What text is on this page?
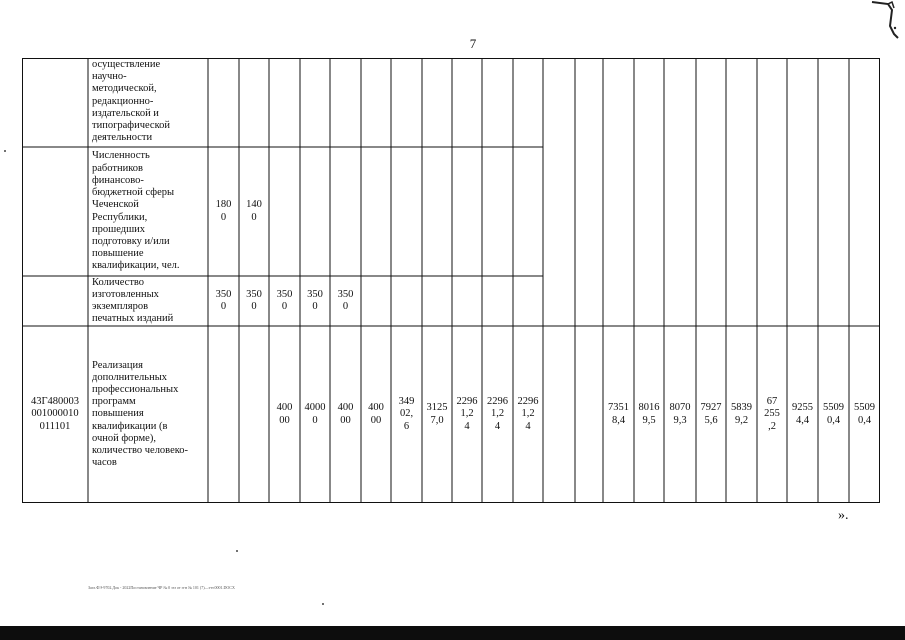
7
осуществление
научно-
методической,
редакционно-
издательской и
типографической
деятельности
Численность
работников
финансово-
бюджетной сферы
Чеченской
Республики,
прошедших
подготовку и/или
повышение
квалификации, чел.
180
0
140
0
Количество
изготовленных
экземпляров
печатных изданий
350
0
350
0
350
0
350
0
350
0
43Г480003
001000010
011101
Реализация
дополнительных
профессиональных
программ
повышения
квалификации (в
очной форме),
количество человеко-
часов
400
00
4000
0
400
00
400
00
349
02,
6
3125
7,0
2296
1,2
4
2296
1,2
4
2296
1,2
4
7351
8,4
8016
9,5
8070
9,3
7927
5,6
5839
9,2
67
255
,2
9255
4,4
5509
0,4
5509
0,4
».
Загл.ФЭ-9702.Док - 2022Постановление ЧР № 0 ззз от ггн № 101 (7)—ттт.0001.DOCX
